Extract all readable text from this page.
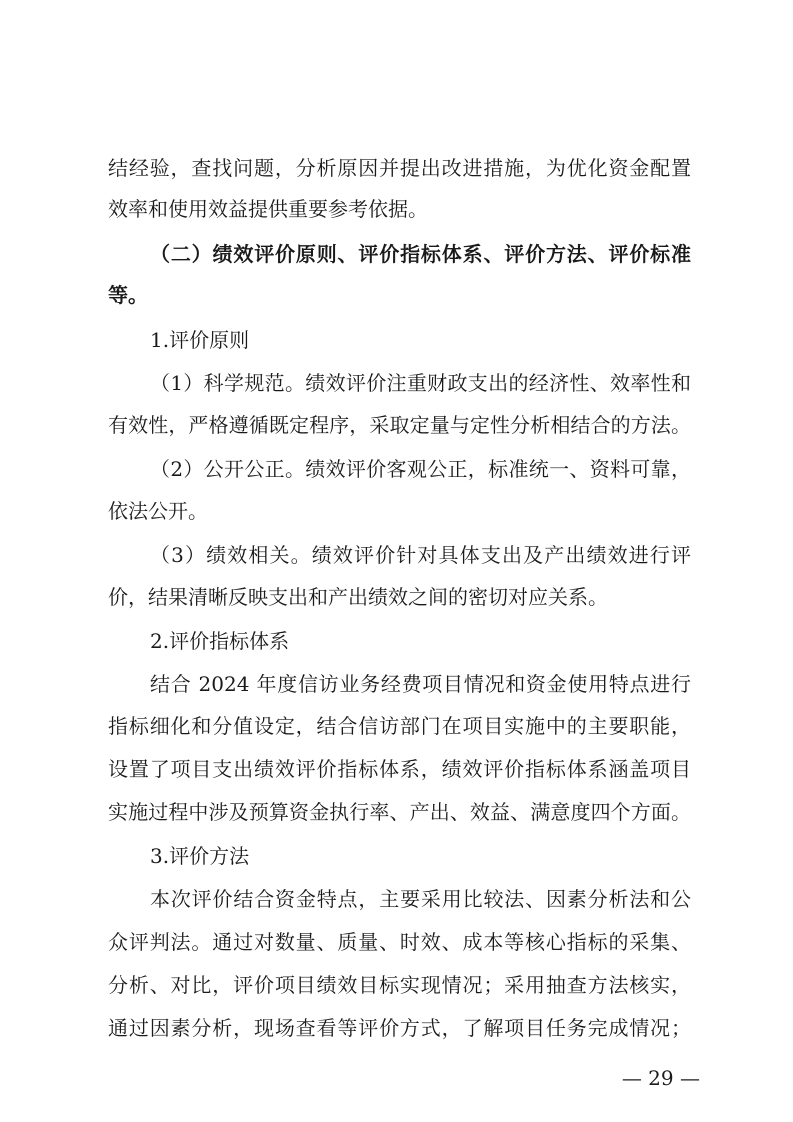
结经验，查找问题，分析原因并提出改进措施，为优化资金配置
效率和使用效益提供重要参考依据。
（二）绩效评价原则、评价指标体系、评价方法、评价标准
等。
1.评价原则
（1）科学规范。绩效评价注重财政支出的经济性、效率性和
有效性，严格遵循既定程序，采取定量与定性分析相结合的方法。
（2）公开公正。绩效评价客观公正，标准统一、资料可靠，
依法公开。
（3）绩效相关。绩效评价针对具体支出及产出绩效进行评
价，结果清晰反映支出和产出绩效之间的密切对应关系。
2.评价指标体系
结合 2024 年度信访业务经费项目情况和资金使用特点进行
指标细化和分值设定，结合信访部门在项目实施中的主要职能，
设置了项目支出绩效评价指标体系，绩效评价指标体系涵盖项目
实施过程中涉及预算资金执行率、产出、效益、满意度四个方面。
3.评价方法
本次评价结合资金特点，主要采用比较法、因素分析法和公
众评判法。通过对数量、质量、时效、成本等核心指标的采集、
分析、对比，评价项目绩效目标实现情况；采用抽查方法核实，
通过因素分析，现场查看等评价方式，了解项目任务完成情况；
— 29 —
